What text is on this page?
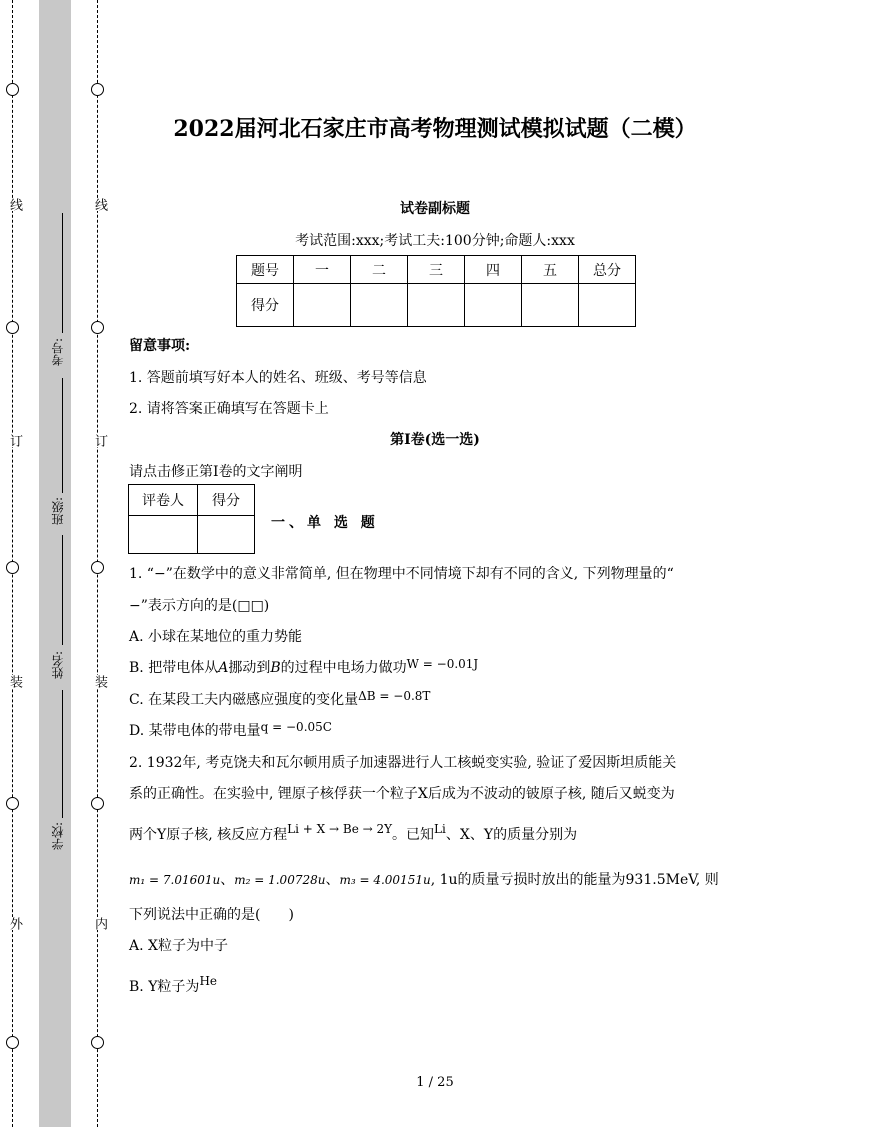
线
订
装
外
线
订
装
内
考号:
班级:
姓名:
学校:
2022届河北石家庄市高考物理测试模拟试题（二模）
试卷副标题
考试范围:xxx;考试工夫:100分钟;命题人:xxx
题号	一	二	三	四	五	总分
得分						
留意事项:
1. 答题前填写好本人的姓名、班级、考号等信息
2. 请将答案正确填写在答题卡上
第I卷(选一选)
请点击修正第I卷的文字阐明
评卷人	得分

一、单 选 题
1. “−”在数学中的意义非常简单, 但在物理中不同情境下却有不同的含义, 下列物理量的“
−”表示方向的是(□□)
A. 小球在某地位的重力势能
B. 把带电体从A挪动到B的过程中电场力做功W = −0.01J
C. 在某段工夫内磁感应强度的变化量ΔB = −0.8T
D. 某带电体的带电量q = −0.05C
2. 1932年, 考克饶夫和瓦尔顿用质子加速器进行人工核蜕变实验, 验证了爱因斯坦质能关
系的正确性。在实验中, 锂原子核俘获一个粒子X后成为不波动的铍原子核, 随后又蜕变为
两个Y原子核, 核反应方程Li + X → Be → 2Y。已知Li、X、Y的质量分别为
m₁ = 7.01601u、m₂ = 1.00728u、m₃ = 4.00151u, 1u的质量亏损时放出的能量为931.5MeV, 则
下列说法中正确的是(　　)
A. X粒子为中子
B. Y粒子为He
1 / 25
